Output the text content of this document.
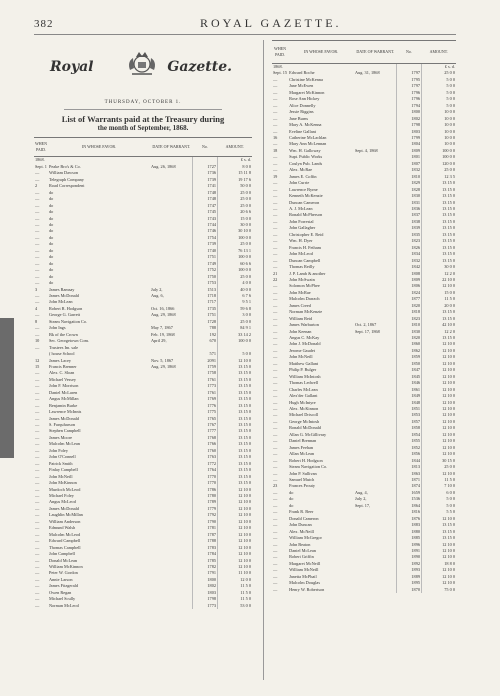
382	ROYAL GAZETTE.
Royal	Gazette.
THURSDAY, OCTOBER 1.
List of Warrants paid at the Treasury during
the month of September, 1868.
WHEN PAID.	IN WHOSE FAVOR.	DATE OF WARRANT.	No.	AMOUNT.
1868.				£ s. d.
Sept. 1	Peake Bro's & Co.	Aug. 26, 1868	1727	8 0 0
—	William Dawson		1736	15 11 8
—	Telegraph Company		1739	19 17 6
2	Road Correspondent		1741	50 0 0
—	do		1748	25 0 0
—	do		1748	25 0 0
—	do		1747	25 0 0
—	do		1745	20 6 6
—	do		1743	15 0 0
—	do		1744	30 0 0
—	do		1746	30 10 0
—	do		1754	100 0 0
—	do		1739	25 0 0
—	do		1740	76 13 1
—	do		1751	100 0 0
—	do		1749	60 6 6
—	do		1752	100 0 0
—	do		1750	25 0 0
—	do		1753	4 0 0
3	James Ramsay	July 2,	1513	40 0 0
—	James McDonald	Aug. 6,	1718	6 7 6
—	John McLean		1717	9 5 1
4	Robert R. Hodgson	Oct. 16, 1866	1735	59 6 8
—	George G. Garrett	Aug. 29, 1868	1751	3 0 0
8	Steam Navigation Co.		1728	25 0 0
—	John Ings	May 7, 1867	788	84 9 1
—	Bk of the Crown	Feb. 19, 1868	192	33 14 2
10	Sec. Georgetown Com.	April 29,	670	100 0 0
—	Trustees Im. sale			
	( house School		571	5 0 0
12	James Lacey	Nov. 5, 1867	2091	12 10 0
15	Francis Brenner	Aug. 29, 1868	1759	13 15 0
—	Alex. C. Sloan		1758	13 15 0
—	Michael Vessey		1761	13 15 0
—	John F. Morrison		1773	13 15 0
—	Daniel McLaren		1761	13 15 0
—	Angus McMillan		1769	13 15 0
—	Benjamin Burke		1776	13 15 0
—	Lawrence McInnis		1775	13 15 0
—	James McDonald		1765	13 15 0
—	S. Farquharson		1767	13 15 0
—	Stephen Campbell		1777	13 15 0
—	James Moore		1768	13 15 0
—	Malcolm McLean		1766	13 15 0
—	John Foley		1760	13 15 0
—	John O'Connell		1763	13 15 0
—	Patrick Smith		1772	13 15 0
—	Finlay Campbell		1764	13 15 0
—	John McNeill		1770	13 15 0
—	John McKinnon		1770	13 15 0
—	Murdoch McLeod		1786	12 10 0
—	Michael Foley		1780	12 10 0
—	Angus McLeod		1789	12 10 0
—	James McDonald		1779	12 10 0
—	Laughlin McMillan		1792	12 10 0
—	William Anderson		1790	12 10 0
—	Edmund Walsh		1781	12 10 0
—	Malcolm McLeod		1787	12 10 0
—	Edward Campbell		1788	12 10 0
—	Thomas Campbell		1783	12 10 0
—	John Campbell		1784	12 10 0
—	Donald McLean		1785	12 10 0
—	William McKinnon		1782	12 10 0
—	Peter W. Gordon		1791	11 10 0
—	Annie Larson		1800	12 0 0
—	James Fitzgerald		1802	11 5 0
—	Owen Regan		1803	11 5 0
—	Michael Scully		1798	11 5 0
—	Norman McLeod		1773	53 0 0
WHEN PAID.	IN WHOSE FAVOR.	DATE OF WARRANT.	No.	AMOUNT.
1868.				£ s. d.
Sept. 15	Edward Roche	Aug. 31, 1868	1797	25 0 0
—	Christine McKenna		1795	5 0 0
—	Jane McEwen		1797	5 0 0
—	Margaret McKinnon		1796	5 0 0
—	Rose Ann Hickey		1796	5 0 0
—	Alice Donnelly		1794	5 0 0
—	Jessie Riggins		1800	10 0 0
—	Jane Burns		1802	10 0 0
—	Mary A. McKenna		1798	10 0 0
—	Eveline Gallant		1803	10 0 0
16	Catherine McLachlan		1799	10 0 0
—	Mary Ann McLennan		1804	10 0 0
18	Wm. H. Galloway	Sept. 4, 1868	1809	100 0 0
—	Supt. Public Works		1801	100 0 0
—	Coulyn Pub. Lands		1807	120 0 0
—	Alex. McRae		1832	25 0 0
19	James E. Coffin		1810	12 3 5
—	John Currie		1829	13 15 0
—	Lawrence Byrne		1828	13 15 0
—	Kenneth McKenzie		1830	13 15 0
—	Duncan Cameron		1831	13 15 0
—	A. J. McLean		1836	13 15 0
—	Ronald McPherson		1837	13 15 0
—	John Forrestal		1838	13 15 0
—	John Gallagher		1839	13 15 0
—	Christopher E. Reid		1835	13 15 0
—	Wm. H. Dyer		1823	13 15 0
—	Francis H. Fetham		1826	13 15 0
—	John McLeod		1834	13 15 0
—	Duncan Campbell		1832	13 15 0
—	Thomas Reilly		1842	30 0 0
21	J. P. Lamb & another		1808	12 2 0
22	John McSwain		1809	22 10 0
—	Solomon McPhee		1806	12 10 0
—	John McRae		1824	15 0 0
—	Malcolm Darrach		1877	11 5 0
—	James Creed		1820	20 0 0
—	Norman McKenzie		1818	13 15 0
—	William Reid		1823	13 15 0
—	James Warburton	Oct. 2, 1867	1810	42 10 0
—	John Keenan	Sept. 17, 1868	1830	12 2 0
—	Angus C. McKay		1820	13 15 0
—	John J. McDonald		1860	12 10 0
—	Jerome Gaudet		1862	12 10 0
—	John McNeill		1859	12 10 0
—	Matthew Gallant		1850	12 10 0
—	Philip P. Bulger		1847	12 10 0
—	William McIntosh		1845	12 10 0
—	Thomas Ledwell		1846	12 10 0
—	Charles McLean		1861	12 10 0
—	Alex'der Gallant		1849	12 10 0
—	Hugh McIntyre		1848	12 10 0
—	Alex. McKinnon		1851	12 10 0
—	Michael Driscoll		1853	12 10 0
—	George McIntosh		1857	12 10 0
—	Ronald McDonald		1858	12 10 0
—	Allan G. McGillivray		1854	12 10 0
—	Daniel Brennan		1855	12 10 0
—	James Feehan		1852	12 10 0
—	Allan McLean		1856	12 10 0
—	Robert H. Hodgson		1844	30 15 0
—	Steam Navigation Co.		1813	25 0 0
—	John P. Sullivan		1863	12 10 0
—	Samuel Mutch		1871	11 5 0
23	Frances Prouty		1874	7 10 0
—	do	Aug. 4,	1659	6 0 0
—	do	July 2,	1536	5 0 0
—	do	Sept. 17,	1864	5 0 0
—	Frank R. Beer		1816	5 5 0
—	Donald Cameron		1876	12 10 0
—	John Duncan		1883	13 15 0
—	Alex. McNeill		1880	13 15 0
—	William McGregor		1885	13 15 0
—	John Beaton		1896	12 10 0
—	Daniel McLean		1891	12 10 0
—	Robert Griffin		1890	12 10 0
—	Margaret McNeill		1892	18 8 0
—	William McNeill		1893	12 10 0
—	Janetta McPhail		1889	12 10 0
—	Malcolm Douglas		1895	12 10 0
—	Henry W. Robertson		1870	75 0 0
